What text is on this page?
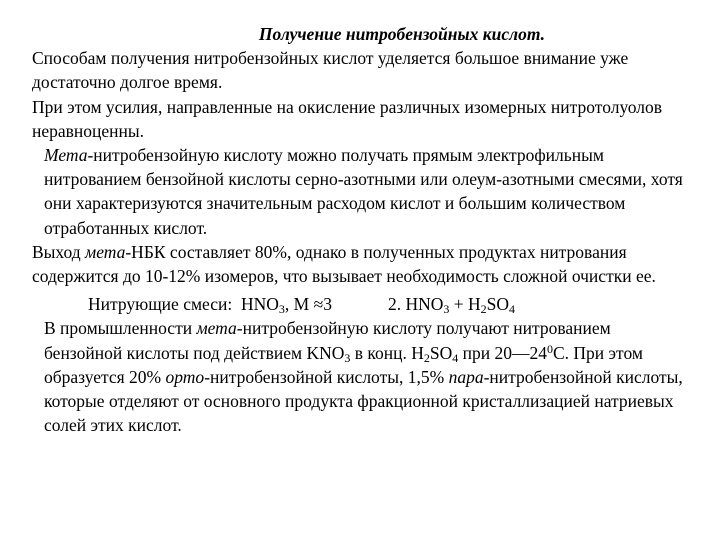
Получение нитробензойных кислот.

Способам получения нитробензойных кислот уделяется большое внимание уже достаточно долгое время.

При этом усилия, направленные на окисление различных изомерных нитротолуолов неравноценны.

Мета-нитробензойную кислоту можно получать прямым электрофильным нитрованием бензойной кислоты серно-азотными или олеум-азотными смесями, хотя они характеризуются значительным расходом кислот и большим количеством отработанных кислот.

Выход мета-НБК составляет 80%, однако в полученных продуктах нитрования содержится до 10-12% изомеров, что вызывает необходимость сложной очистки ее.

Нитрующие смеси: $HNO_3$, M ≈3	2. $HNO_3 + H_2SO_4$

В промышленности мета-нитробензойную кислоту получают нитрованием бензойной кислоты под действием $KNO_3$ в конц. $H_2SO_4$ при $20—24^0С$. При этом образуется 20% орто-нитробензойной кислоты, 1,5% пара-нитробензойной кислоты, которые отделяют от основного продукта фракционной кристаллизацией натриевых солей этих кислот.
